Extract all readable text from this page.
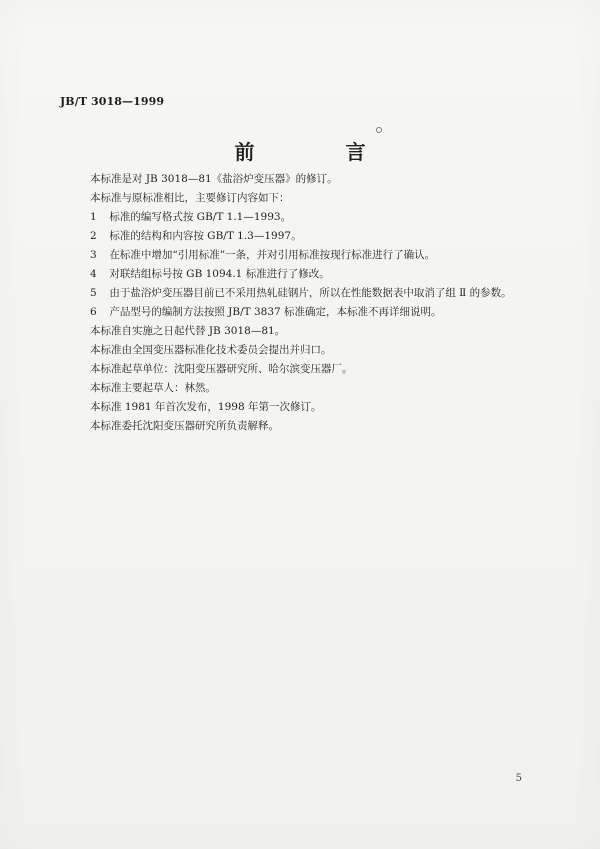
JB/T 3018—1999
前 言
本标准是对 JB 3018—81《盐浴炉变压器》的修订。
本标准与原标准相比，主要修订内容如下：
1 标准的编写格式按 GB/T 1.1—1993。
2 标准的结构和内容按 GB/T 1.3—1997。
3 在标准中增加“引用标准”一条，并对引用标准按现行标准进行了确认。
4 对联结组标号按 GB 1094.1 标准进行了修改。
5 由于盐浴炉变压器目前已不采用热轧硅钢片，所以在性能数据表中取消了组 Ⅱ 的参数。
6 产品型号的编制方法按照 JB/T 3837 标准确定，本标准不再详细说明。
本标准自实施之日起代替 JB 3018—81。
本标准由全国变压器标准化技术委员会提出并归口。
本标准起草单位：沈阳变压器研究所、哈尔滨变压器厂。
本标准主要起草人：林然。
本标准 1981 年首次发布，1998 年第一次修订。
本标准委托沈阳变压器研究所负责解释。
5
